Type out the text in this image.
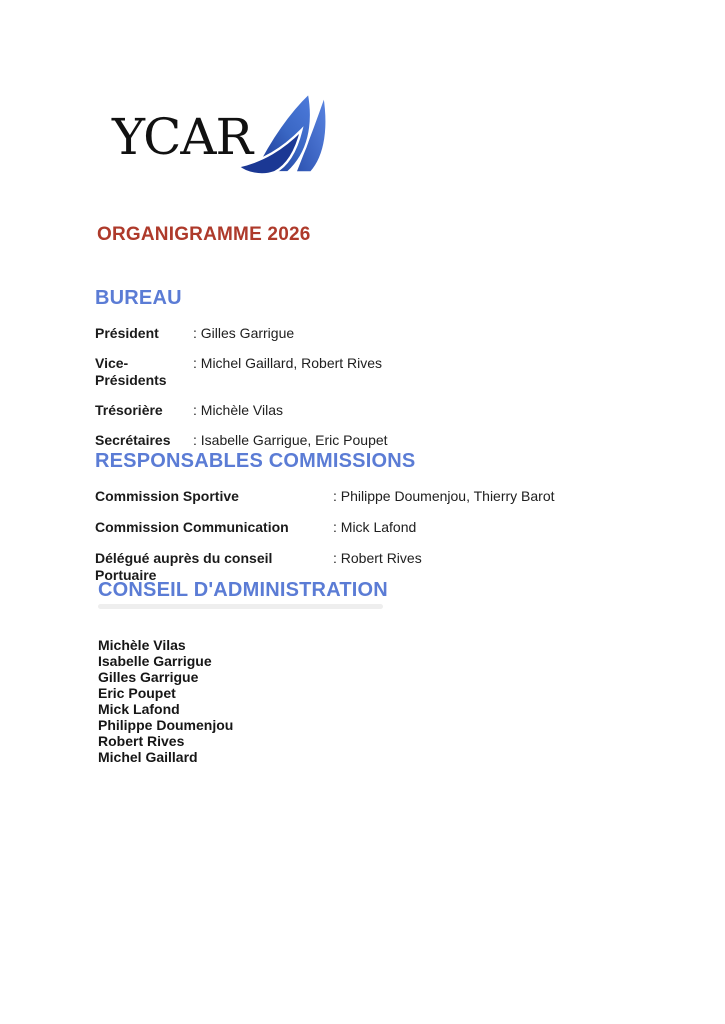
YCAR
ORGANIGRAMME 2026
BUREAU
Président	: Gilles Garrigue
Vice-Présidents
: Michel Gaillard, Robert Rives
Trésorière	: Michèle Vilas
Secrétaires	: Isabelle Garrigue, Eric Poupet
RESPONSABLES COMMISSIONS
Commission Sportive	: Philippe Doumenjou, Thierry Barot
Commission Communication	: Mick Lafond
Délégué auprès du conseil Portuaire
: Robert Rives
CONSEIL D'ADMINISTRATION
Michèle Vilas
Isabelle Garrigue
Gilles Garrigue
Eric Poupet
Mick Lafond
Philippe Doumenjou
Robert Rives
Michel Gaillard
